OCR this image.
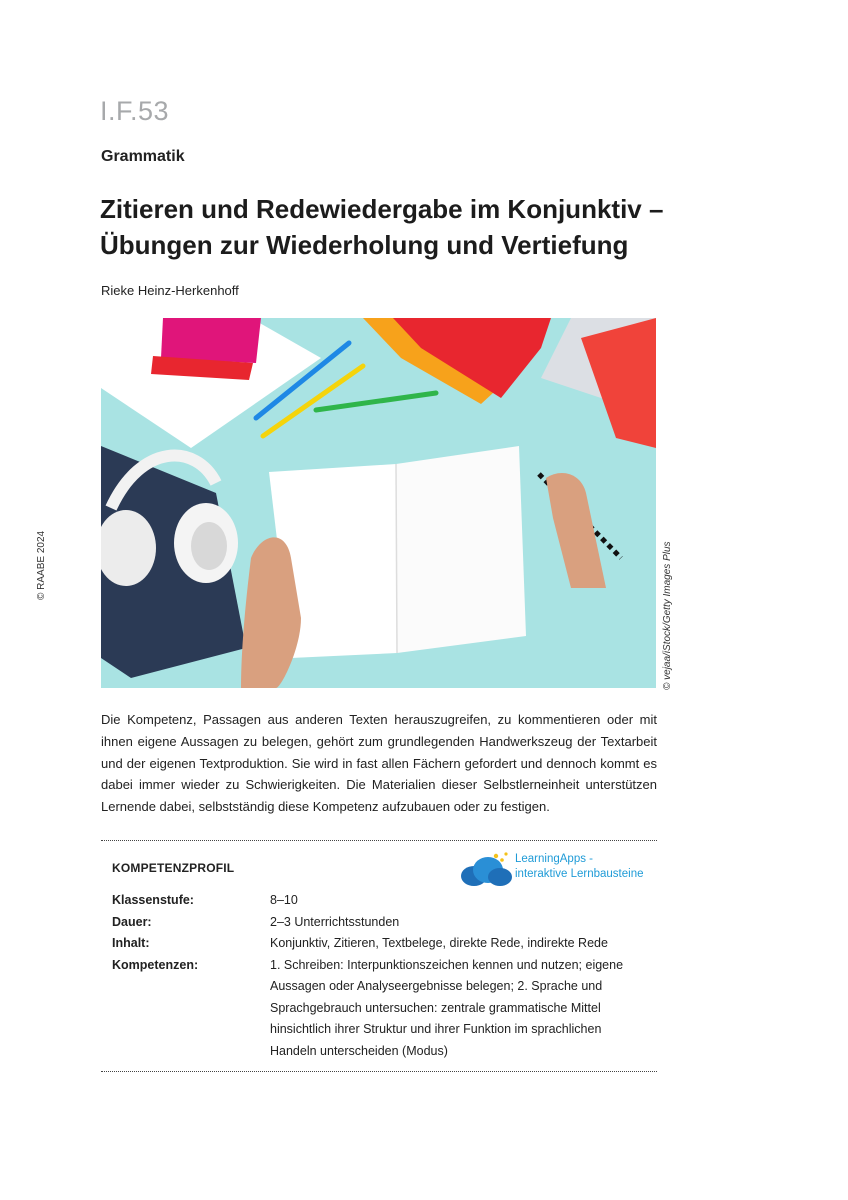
I.F.53
Grammatik
Zitieren und Redewiedergabe im Konjunktiv –
Übungen zur Wiederholung und Vertiefung
Rieke Heinz-Herkenhoff
© RAABE 2024	© vejaa/iStock/Getty Images Plus

Die Kompetenz, Passagen aus anderen Texten herauszugreifen, zu kommentieren oder mit ihnen eigene Aussagen zu belegen, gehört zum grundlegenden Handwerkszeug der Textarbeit und der eigenen Textproduktion. Sie wird in fast allen Fächern gefordert und dennoch kommt es dabei immer wieder zu Schwierigkeiten. Die Materialien dieser Selbstlerneinheit unterstützen Lernende dabei, selbstständig diese Kompetenz aufzubauen oder zu festigen.

KOMPETENZPROFIL
LearningApps -
interaktive Lernbausteine
Klassenstufe:	8–10
Dauer:	2–3 Unterrichtsstunden
Inhalt:	Konjunktiv, Zitieren, Textbelege, direkte Rede, indirekte Rede
Kompetenzen:	1. Schreiben: Interpunktionszeichen kennen und nutzen; eigene Aussagen oder Analyseergebnisse belegen; 2. Sprache und Sprachgebrauch untersuchen: zentrale grammatische Mittel hinsichtlich ihrer Struktur und ihrer Funktion im sprachlichen Handeln unterscheiden (Modus)
